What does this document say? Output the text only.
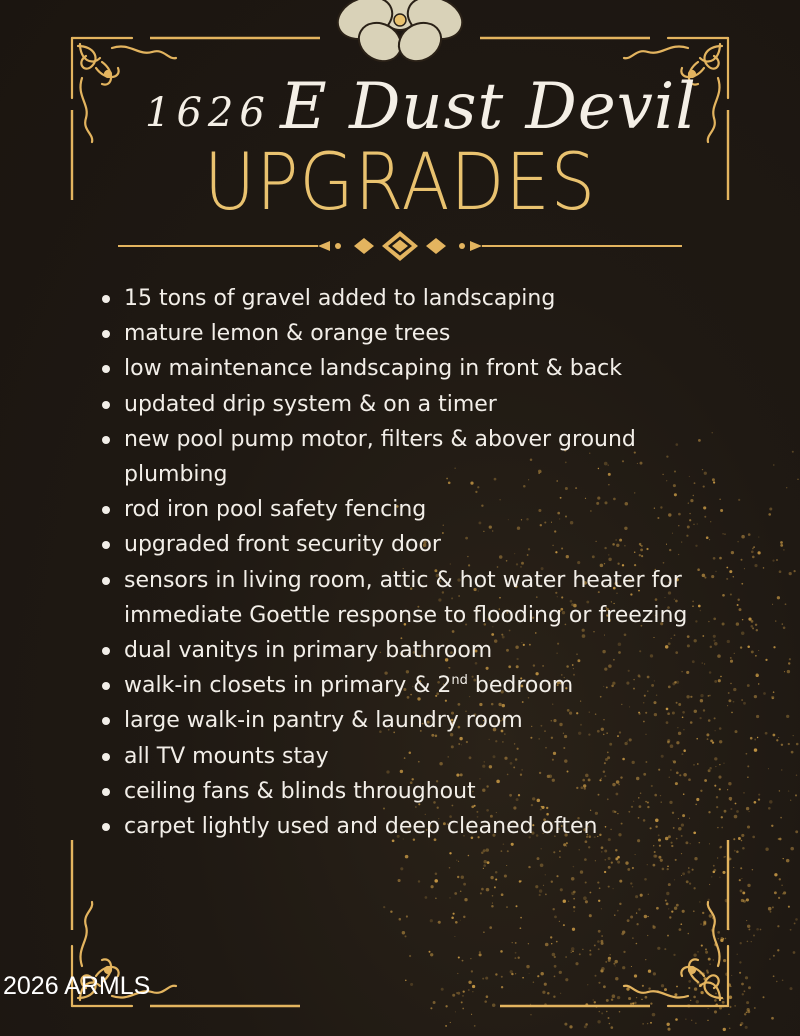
1626 E Dust Devil
UPGRADES
15 tons of gravel added to landscaping
mature lemon & orange trees
low maintenance landscaping in front & back
updated drip system & on a timer
new pool pump motor, filters & abover ground plumbing
rod iron pool safety fencing
upgraded front security door
sensors in living room, attic & hot water heater for immediate Goettle response to flooding or freezing
dual vanitys in primary bathroom
walk-in closets in primary & 2nd bedroom
large walk-in pantry & laundry room
all TV mounts stay
ceiling fans & blinds throughout
carpet lightly used and deep cleaned often
2026 ARMLS
